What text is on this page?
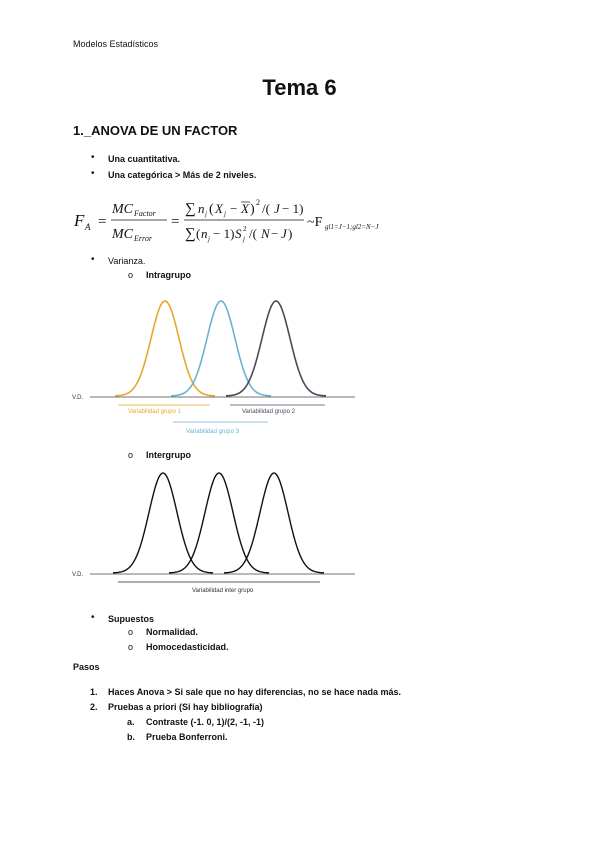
Modelos Estadísticos
Tema 6
1._ANOVA DE UN FACTOR
• Una cuantitativa.
• Una categórica > Más de 2 niveles.
F A =
MC Factor
MC Error
=
∑ n j ( X j − X ) 2 /( J − 1)
∑ ( n j − 1) S j
2 /( N − J )
~F gl1=J−1;gl2=N−J
• Varianza.
o Intragrupo
V.D.
Variabilidad grupo 1	Variabilidad grupo 2
Variabilidad grupo 3
o Intergrupo
V.D.
Variabilidad inter grupo
• Supuestos
o Normalidad.
o Homocedasticidad.
Pasos
1. Haces Anova > Si sale que no hay diferencias, no se hace nada más.
2. Pruebas a priori (Si hay bibliografía)
a. Contraste (-1. 0, 1)/(2, -1, -1)
b. Prueba Bonferroni.
